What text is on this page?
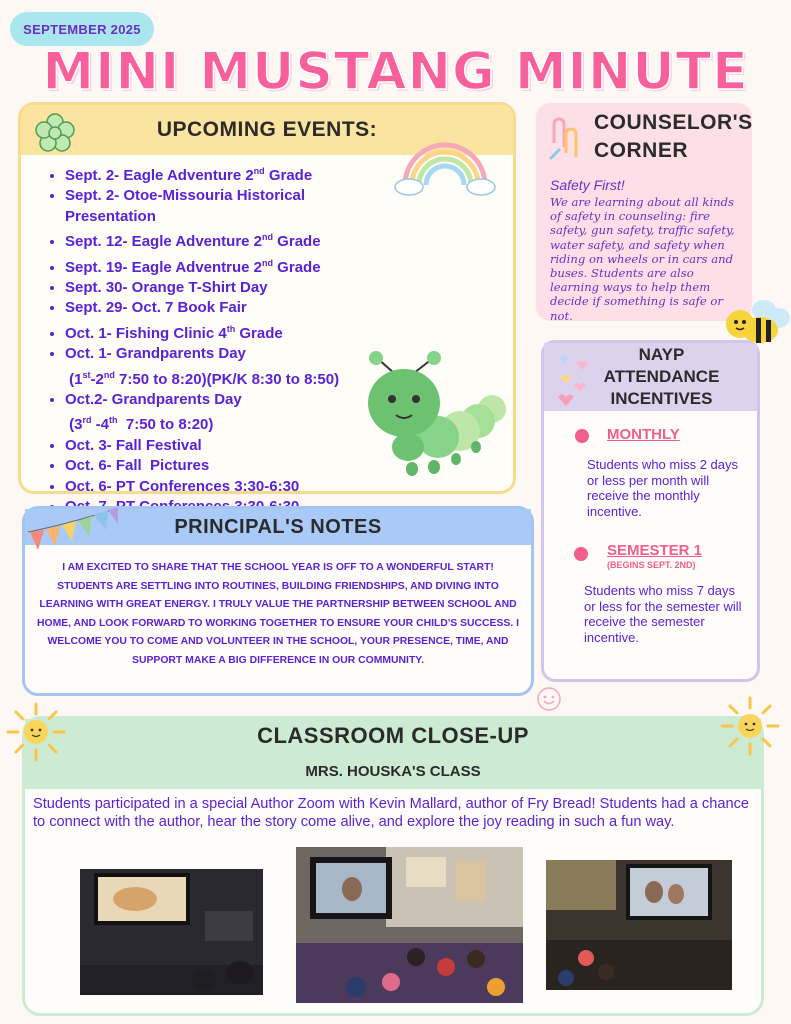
SEPTEMBER 2025
MINI MUSTANG MINUTE
UPCOMING EVENTS:
• Sept. 2- Eagle Adventure 2nd Grade
• Sept. 2- Otoe-Missouria Historical
Presentation
• Sept. 12- Eagle Adventure 2nd Grade
• Sept. 19- Eagle Adventrue 2nd Grade
• Sept. 30- Orange T-Shirt Day
• Sept. 29- Oct. 7 Book Fair
• Oct. 1- Fishing Clinic 4th Grade
• Oct. 1- Grandparents Day
(1st-2nd 7:50 to 8:20)(PK/K 8:30 to 8:50)
• Oct.2- Grandparents Day
(3rd -4th  7:50 to 8:20)
• Oct. 3- Fall Festival
• Oct. 6- Fall  Pictures
• Oct. 6- PT Conferences 3:30-6:30
•
COUNSELOR'S
CORNER
Safety First!
We are learning about all kinds of safety in counseling: fire safety, gun safety, traffic safety, water safety, and safety when riding on wheels or in cars and buses. Students are also learning ways to help them decide if something is safe or not.
NAYP
ATTENDANCE
INCENTIVES
MONTHLY
Students who miss 2 days or less per month will receive the monthly incentive.
SEMESTER 1
(BEGINS SEPT. 2ND)
Students who miss 7 days or less for the semester will receive the semester incentive.
PRINCIPAL'S NOTES
I AM EXCITED TO SHARE THAT THE SCHOOL YEAR IS OFF TO A WONDERFUL START! STUDENTS ARE SETTLING INTO ROUTINES, BUILDING FRIENDSHIPS, AND DIVING INTO LEARNING WITH GREAT ENERGY. I TRULY VALUE THE PARTNERSHIP BETWEEN SCHOOL AND HOME, AND LOOK FORWARD TO WORKING TOGETHER TO ENSURE YOUR CHILD'S SUCCESS. I WELCOME YOU TO COME AND VOLUNTEER IN THE SCHOOL, YOUR PRESENCE, TIME, AND SUPPORT MAKE A BIG DIFFERENCE IN OUR COMMUNITY.
CLASSROOM CLOSE-UP
MRS. HOUSKA'S CLASS
Students participated in a special Author Zoom with Kevin Mallard, author of Fry Bread! Students had a chance to connect with the author, hear the story come alive, and explore the joy reading in such a fun way.
